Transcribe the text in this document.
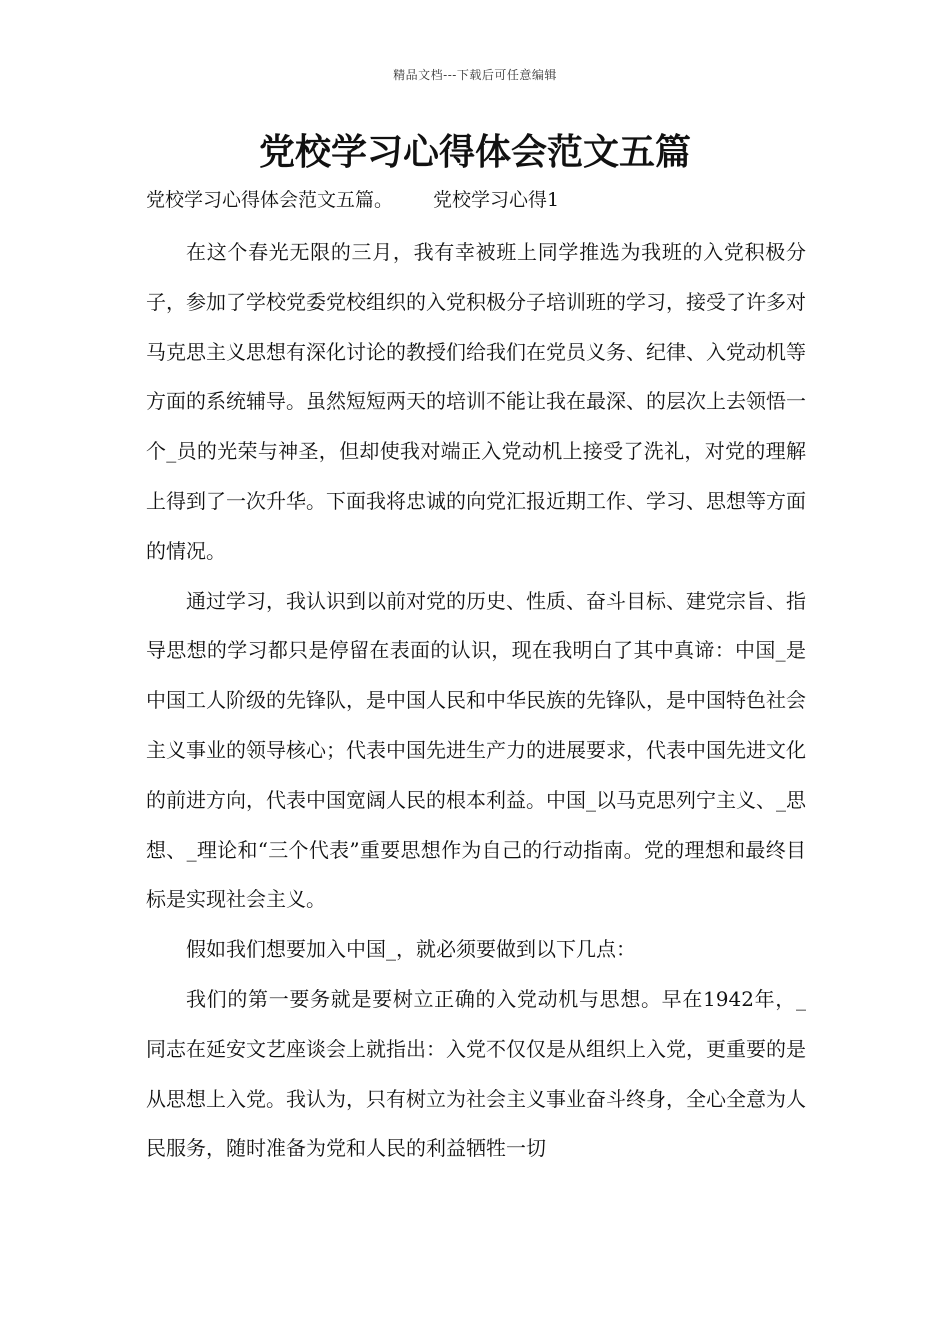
精品文档---下载后可任意编辑
党校学习心得体会范文五篇
党校学习心得体会范文五篇。 党校学习心得1

在这个春光无限的三月，我有幸被班上同学推选为我班的入党积极分子，参加了学校党委党校组织的入党积极分子培训班的学习，接受了许多对马克思主义思想有深化讨论的教授们给我们在党员义务、纪律、入党动机等方面的系统辅导。虽然短短两天的培训不能让我在最深、的层次上去领悟一个_员的光荣与神圣，但却使我对端正入党动机上接受了洗礼，对党的理解上得到了一次升华。下面我将忠诚的向党汇报近期工作、学习、思想等方面的情况。

通过学习，我认识到以前对党的历史、性质、奋斗目标、建党宗旨、指导思想的学习都只是停留在表面的认识，现在我明白了其中真谛：中国_是中国工人阶级的先锋队，是中国人民和中华民族的先锋队，是中国特色社会主义事业的领导核心；代表中国先进生产力的进展要求，代表中国先进文化的前进方向，代表中国宽阔人民的根本利益。中国_以马克思列宁主义、_思想、_理论和“三个代表”重要思想作为自己的行动指南。党的理想和最终目标是实现社会主义。

假如我们想要加入中国_，就必须要做到以下几点：

我们的第一要务就是要树立正确的入党动机与思想。早在1942年，_同志在延安文艺座谈会上就指出：入党不仅仅是从组织上入党，更重要的是从思想上入党。我认为，只有树立为社会主义事业奋斗终身，全心全意为人民服务，随时准备为党和人民的利益牺牲一切
